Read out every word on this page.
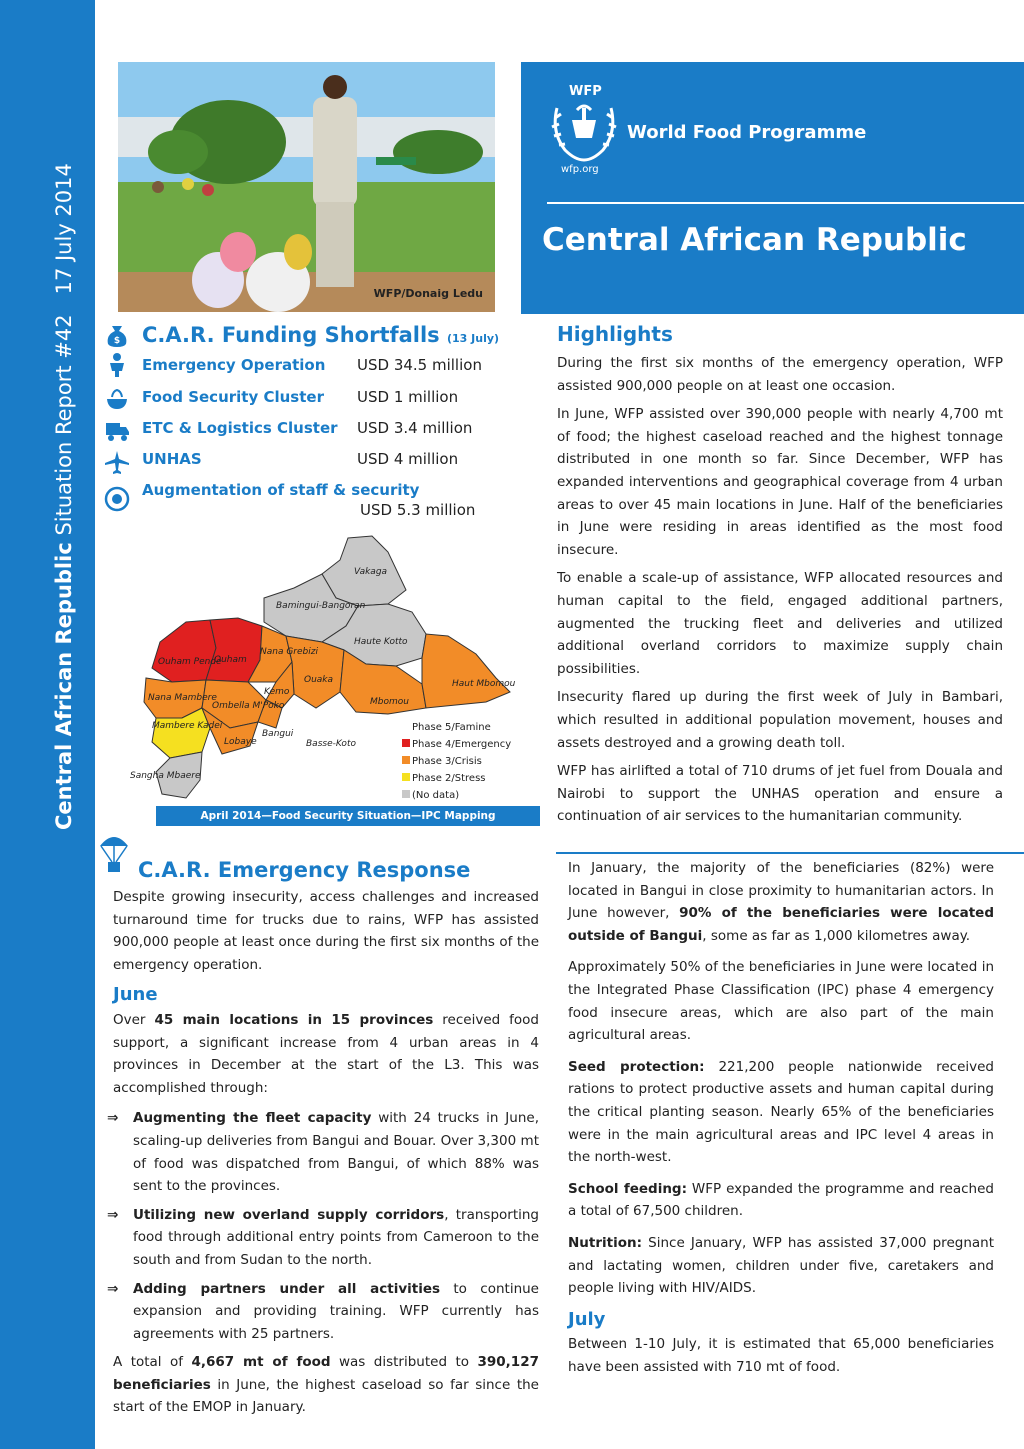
Central African Republic Situation Report #42   17 July 2014	WFP/Donaig Ledu
WFP
World Food Programme
wfp.org
Central African Republic
C.A.R. Funding Shortfalls (13 July)
$
Emergency Operation USD 34.5 million
Food Security Cluster USD 1 million
ETC & Logistics Cluster USD 3.4 million
UNHAS	USD 4 million
Augmentation of staff & security
USD 5.3 million
Vakaga
Bamingui-Bangoran
Haute Kotto
Ouham Pende
Ouham
Nana Grebizi
Ouaka
Kemo
Mbomou
Haut Mbomou
Nana Mambere
Ombella M'Poko
Mambere Kadei
Lobaye
Bangui
Basse-Koto
Sangha Mbaere
Phase 5/Famine
Phase 4/Emergency
Phase 3/Crisis
Phase 2/Stress
(No data)
April 2014—Food Security Situation—IPC Mapping
Highlights

During the first six months of the emergency operation, WFP assisted 900,000 people on at least one occasion.

In June, WFP assisted over 390,000 people with nearly 4,700 mt of food; the highest caseload reached and the highest tonnage distributed in one month so far. Since December, WFP has expanded interventions and geographical coverage from 4 urban areas to over 45 main locations in June. Half of the beneficiaries in June were residing in areas identified as the most food insecure.

To enable a scale-up of assistance, WFP allocated resources and human capital to the field, engaged additional partners, augmented the trucking fleet and deliveries and utilized additional overland corridors to maximize supply chain possibilities.

Insecurity flared up during the first week of July in Bambari, which resulted in additional population movement, houses and assets destroyed and a growing death toll.

WFP has airlifted a total of 710 drums of jet fuel from Douala and Nairobi to support the UNHAS operation and ensure a continuation of air services to the humanitarian community.

C.A.R. Emergency Response

Despite growing insecurity, access challenges and increased turnaround time for trucks due to rains, WFP has assisted 900,000 people at least once during the first six months of the emergency operation.

June

Over 45 main locations in 15 provinces received food support, a significant increase from 4 urban areas in 4 provinces in December at the start of the L3. This was accomplished through:

⇒ Augmenting the fleet capacity with 24 trucks in June, scaling-up deliveries from Bangui and Bouar. Over 3,300 mt of food was dispatched from Bangui, of which 88% was sent to the provinces.
⇒ Utilizing new overland supply corridors, transporting food through additional entry points from Cameroon to the south and from Sudan to the north.
⇒ Adding partners under all activities to continue expansion and providing training. WFP currently has agreements with 25 partners.

A total of 4,667 mt of food was distributed to 390,127 beneficiaries in June, the highest caseload so far since the start of the EMOP in January.

In January, the majority of the beneficiaries (82%) were located in Bangui in close proximity to humanitarian actors. In June however, 90% of the beneficiaries were located outside of Bangui, some as far as 1,000 kilometres away.

Approximately 50% of the beneficiaries in June were located in the Integrated Phase Classification (IPC) phase 4 emergency food insecure areas, which are also part of the main agricultural areas.

Seed protection: 221,200 people nationwide received rations to protect productive assets and human capital during the critical planting season. Nearly 65% of the beneficiaries were in the main agricultural areas and IPC level 4 areas in the north-west.

School feeding: WFP expanded the programme and reached a total of 67,500 children.

Nutrition: Since January, WFP has assisted 37,000 pregnant and lactating women, children under five, caretakers and people living with HIV/AIDS.

July

Between 1-10 July, it is estimated that 65,000 beneficiaries have been assisted with 710 mt of food.
